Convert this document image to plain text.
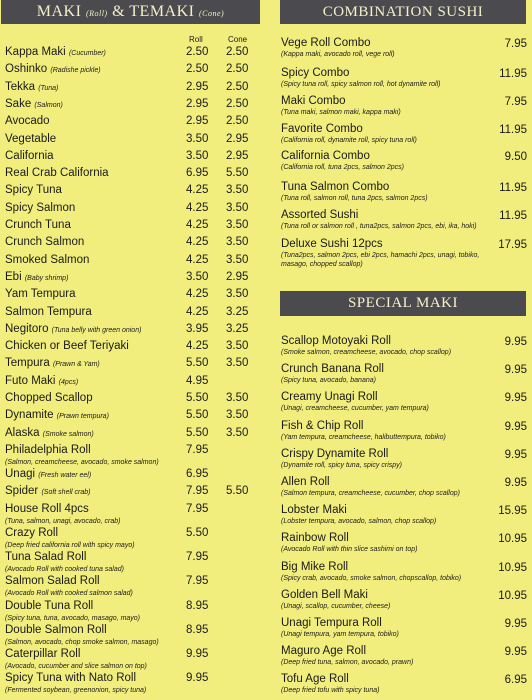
MAKI (Roll) & TEMAKI (Cone)
Roll	Cone
Kappa Maki (Cucumber)	2.50 2.50
Oshinko (Radishe pickle)	2.50 2.50
Tekka (Tuna)	2.95 2.50
Sake (Salmon)	2.95 2.50
Avocado	2.95 2.50
Vegetable	3.50 2.95
California	3.50 2.95
Real Crab California	6.95 5.50
Spicy Tuna	4.25 3.50
Spicy Salmon	4.25 3.50
Crunch Tuna	4.25 3.50
Crunch Salmon	4.25 3.50
Smoked Salmon	4.25 3.50
Ebi (Baby shrimp)	3.50 2.95
Yam Tempura	4.25 3.50
Salmon Tempura	4.25 3.25
Negitoro (Tuna belly with green onion)	3.95 3.25
Chicken or Beef Teriyaki	4.25 3.50
Tempura (Prawn & Yam)	5.50 3.50
Futo Maki (4pcs)	4.95
Chopped Scallop	5.50 3.50
Dynamite (Prawn tempura)	5.50 3.50
Alaska (Smoke salmon)	5.50 3.50
Philadelphia Roll	7.95
(Salmon, creamcheese, avocado, smoke salmon)
Unagi (Fresh water eel)	6.95
Spider (Soft shell crab)	7.95 5.50
House Roll 4pcs	7.95
(Tuna, salmon, unagi, avocado, crab)
Crazy Roll	5.50
(Deep fried california roll with spicy mayo)
Tuna Salad Roll	7.95
(Avocado Roll with cooked tuna salad)
Salmon Salad Roll	7.95
(Avocado Roll with cooked salmon salad)
Double Tuna Roll	8.95
(Spicy tuna, tuna, avocado, masago, mayo)
Double Salmon Roll	8.95
(Salmon, avocado, chop smoke salmon, masago)
Caterpillar Roll	9.95
(Avocado, cucumber and slice salmon on top)
Spicy Tuna with Nato Roll	9.95
(Fermented soybean, greenonion, spicy tuna)
COMBINATION SUSHI
Vege Roll Combo
(Kappa maki, avocado roll, vege roll)
7.95
Spicy Combo
(Spicy tuna roll, spicy salmon roll, hot dynamite roll)
11.95
Maki Combo
(Tuna maki, salmon maki, kappa maki)
7.95
Favorite Combo
(California roll, dynamite roll, spicy tuna roll)
11.95
California Combo
(California roll, tuna 2pcs, salmon 2pcs)
9.50
Tuna Salmon Combo
(Tuna roll, salmon roll, tuna 2pcs, salmon 2pcs)
11.95
Assorted Sushi
(Tuna roll or salmon roll , tuna2pcs, salmon 2pcs, ebi, ika, hoki)
11.95
Deluxe Sushi 12pcs
(Tuna2pcs, salmon 2pcs, ebi 2pcs, hamachi 2pcs, unagi, tobiko,
masago, chopped scallop)
17.95
SPECIAL MAKI
Scallop Motoyaki Roll
(Smoke salmon, creamcheese, avocado, chop scallop)
9.95
Crunch Banana Roll
(Spicy tuna, avocado, banana)
9.95
Creamy Unagi Roll
(Unagi, creamcheese, cucumber, yam tempura)
9.95
Fish & Chip Roll
(Yam tempura, creamcheese, halibuttempura, tobiko)
9.95
Crispy Dynamite Roll
(Dynamite roll, spicy tuna, spicy crispy)
9.95
Allen Roll
(Salmon tempura, creamcheese, cucumber, chop scallop)
9.95
Lobster Maki
(Lobster tempura, avocado, salmon, chop scallop)
15.95
Rainbow Roll
(Avocado Roll with thin slice sashimi on top)
10.95
Big Mike Roll
(Spicy crab, avocado, smoke salmon, chopscallop, tobiko)
10.95
Golden Bell Maki
(Unagi, scallop, cucumber, cheese)
10.95
Unagi Tempura Roll
(Unagi tempura, yam tempura, tobiko)
9.95
Maguro Age Roll
(Deep fried tuna, salmon, avocado, prawn)
9.95
Tofu Age Roll
(Deep fried tofu with spicy tuna)
6.95
